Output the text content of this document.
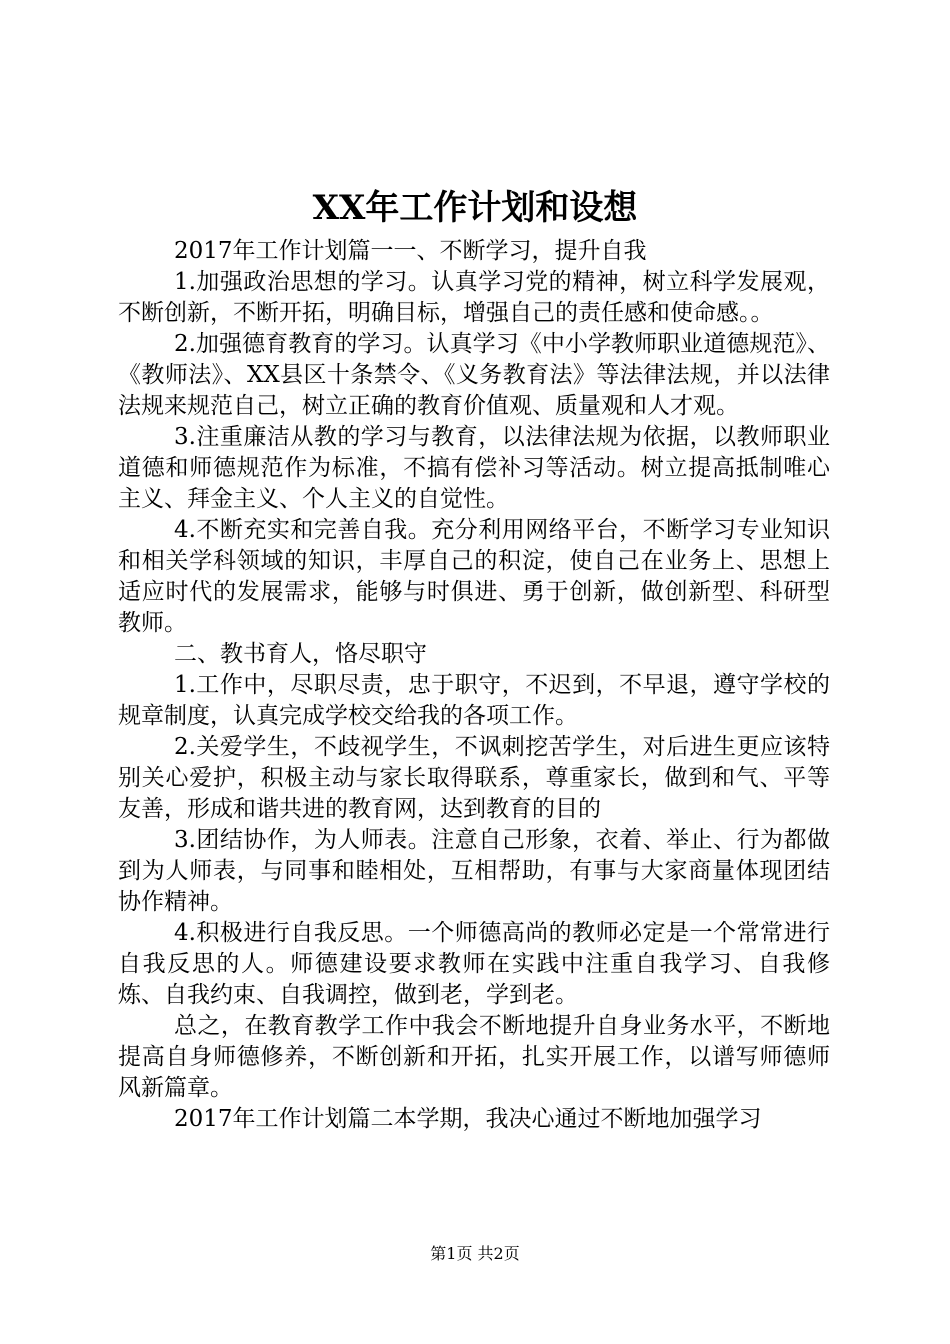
XX年工作计划和设想

2017年工作计划篇一一、不断学习，提升自我

1.加强政治思想的学习。认真学习党的精神，树立科学发展观，不断创新，不断开拓，明确目标，增强自己的责任感和使命感。。

2.加强德育教育的学习。认真学习《中小学教师职业道德规范》、《教师法》、XX县区十条禁令、《义务教育法》等法律法规，并以法律法规来规范自己，树立正确的教育价值观、质量观和人才观。

3.注重廉洁从教的学习与教育，以法律法规为依据，以教师职业道德和师德规范作为标准，不搞有偿补习等活动。树立提高抵制唯心主义、拜金主义、个人主义的自觉性。

4.不断充实和完善自我。充分利用网络平台，不断学习专业知识和相关学科领域的知识，丰厚自己的积淀，使自己在业务上、思想上适应时代的发展需求，能够与时俱进、勇于创新，做创新型、科研型教师。

二、教书育人，恪尽职守

1.工作中，尽职尽责，忠于职守，不迟到，不早退，遵守学校的规章制度，认真完成学校交给我的各项工作。

2.关爱学生，不歧视学生，不讽刺挖苦学生，对后进生更应该特别关心爱护，积极主动与家长取得联系，尊重家长，做到和气、平等友善，形成和谐共进的教育网，达到教育的目的

3.团结协作，为人师表。注意自己形象，衣着、举止、行为都做到为人师表，与同事和睦相处，互相帮助，有事与大家商量体现团结协作精神。

4.积极进行自我反思。一个师德高尚的教师必定是一个常常进行自我反思的人。师德建设要求教师在实践中注重自我学习、自我修炼、自我约束、自我调控，做到老，学到老。

总之，在教育教学工作中我会不断地提升自身业务水平，不断地提高自身师德修养，不断创新和开拓，扎实开展工作，以谱写师德师风新篇章。

2017年工作计划篇二本学期，我决心通过不断地加强学习

第1页 共2页
